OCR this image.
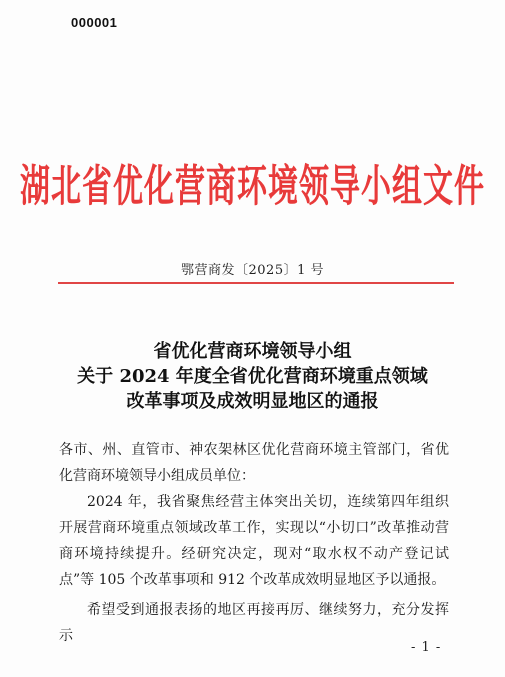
000001
湖北省优化营商环境领导小组文件
鄂营商发〔2025〕1 号
省优化营商环境领导小组
关于 2024 年度全省优化营商环境重点领域
改革事项及成效明显地区的通报

各市、州、直管市、神农架林区优化营商环境主管部门，省优化营商环境领导小组成员单位：

2024 年，我省聚焦经营主体突出关切，连续第四年组织开展营商环境重点领域改革工作，实现以“小切口”改革推动营商环境持续提升。经研究决定，现对“取水权不动产登记试点”等 105 个改革事项和 912 个改革成效明显地区予以通报。

希望受到通报表扬的地区再接再厉、继续努力，充分发挥示

- 1 -
